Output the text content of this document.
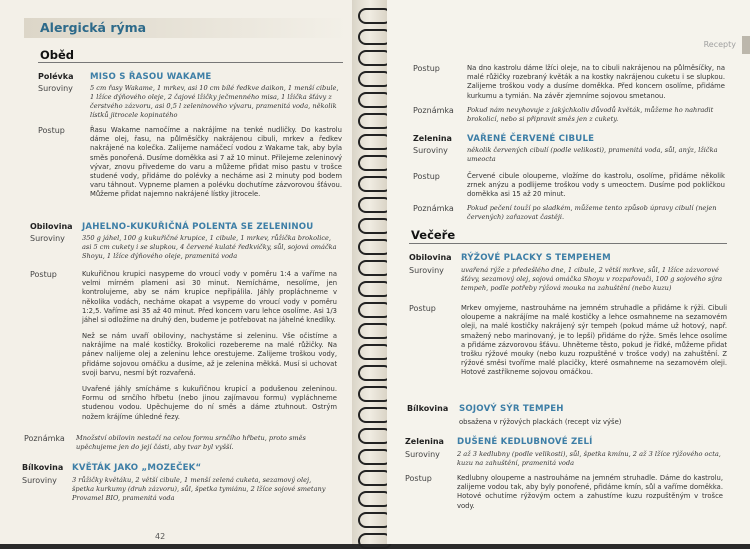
Alergická rýma
Oběd
Polévka MISO S ŘASOU WAKAME
Suroviny	5 cm řasy Wakame, 1 mrkev, asi 10 cm bílé ředkve daikon, 1 menší cibule, 1 lžíce dýňového oleje, 2 čajové lžičky ječmenného misa, 1 lžička šťávy z čerstvého zázvoru, asi 0,5 l zeleninového vývaru, pramenitá voda, několik lístků jitrocele kopinatého
Postup	Řasu Wakame namočíme a nakrájíme na tenké nudličky. Do kastrolu dáme olej, řasu, na půlměsíčky nakrájenou cibuli, mrkev a ředkev nakrájené na kolečka. Zalijeme namáčecí vodou z Wakame tak, aby byla směs ponořená. Dusíme doměkka asi 7 až 10 minut. Přilejeme zeleninový vývar, znovu přivedeme do varu a můžeme přidat miso pastu v trošce studené vody, přidáme do polévky a necháme asi 2 minuty pod bodem varu táhnout. Vypneme plamen a polévku dochutíme zázvorovou šťávou. Můžeme přidat najemno nakrájené lístky jitrocele.
Obilovina JAHELNO-KUKUŘIČNÁ POLENTA SE ZELENINOU
Suroviny	350 g jáhel, 100 g kukuřičné krupice, 1 cibule, 1 mrkev, růžička brokolice, asi 5 cm cukety i se slupkou, 4 červené kulaté ředkvičky, sůl, sojová omáčka Shoyu, 1 lžíce dýňového oleje, pramenitá voda
Postup	Kukuřičnou krupici nasypeme do vroucí vody v poměru 1:4 a vaříme na velmi mírném plameni asi 30 minut. Nemícháme, nesolíme, jen kontrolujeme, aby se nám krupice nepřipálila. Jáhly propláchneme v několika vodách, necháme okapat a vsypeme do vroucí vody v poměru 1:2,5. Vaříme asi 35 až 40 minut. Před koncem varu lehce osolíme. Asi 1/3 jáhel si odložíme na druhý den, budeme je potřebovat na jáhelné knedlíky.
Než se nám uvaří obiloviny, nachystáme si zeleninu. Vše očistíme a nakrájíme na malé kostičky. Brokolici rozebereme na malé růžičky. Na pánev nalijeme olej a zeleninu lehce orestujeme. Zalijeme troškou vody, přidáme sojovou omáčku a dusíme, až je zelenina měkká. Musí si uchovat svoji barvu, nesmí být rozvařená.
Uvařené jáhly smícháme s kukuřičnou krupicí a podušenou zeleninou. Formu od srnčího hřbetu (nebo jinou zajímavou formu) vypláchneme studenou vodou. Upěchujeme do ní směs a dáme ztuhnout. Ostrým nožem krájíme úhledné řezy.
Poznámka Množství obilovin nestačí na celou formu srnčího hřbetu, proto směs upěchujeme jen do její části, aby tvar byl vyšší.
Bílkovina KVĚTÁK JAKO „MOZEČEK“
Suroviny 3 růžičky květáku, 2 větší cibule, 1 menší zelená cuketa, sezamový olej, špetka kurkumy (druh zázvoru), sůl, špetka tymiánu, 2 lžíce sojové smetany Provamel BIO, pramenitá voda
42
Recepty
Postup	Na dno kastrolu dáme lžíci oleje, na to cibuli nakrájenou na půlměsíčky, na malé růžičky rozebraný květák a na kostky nakrájenou cuketu i se slupkou. Zalijeme troškou vody a dusíme doměkka. Před koncem osolíme, přidáme kurkumu a tymián. Na závěr zjemníme sojovou smetanou.
Poznámka Pokud nám nevyhovuje z jakýchkoliv důvodů květák, můžeme ho nahradit brokolicí, nebo si připravit směs jen z cukety.
Zelenina VAŘENÉ ČERVENÉ CIBULE
Suroviny	několik červených cibulí (podle velikosti), pramenitá voda, sůl, anýz, lžička umeocta
Postup	Červené cibule oloupeme, vložíme do kastrolu, osolíme, přidáme několik zrnek anýzu a podlijeme troškou vody s umeoctem. Dusíme pod pokličkou doměkka asi 15 až 20 minut.
Poznámka Pokud pečení touží po sladkém, můžeme tento způsob úpravy cibulí (nejen červených) zařazovat častěji.
Večeře
Obilovina RÝŽOVÉ PLACKY S TEMPEHEM
Suroviny	uvařená rýže z předešlého dne, 1 cibule, 2 větší mrkve, sůl, 1 lžíce zázvorové šťávy, sezamový olej, sojová omáčka Shoyu v rozpařovači, 100 g sojového sýra tempeh, podle potřeby rýžová mouka na zahuštění (nebo kuzu)
Postup	Mrkev omyjeme, nastrouháme na jemném struhadle a přidáme k rýži. Cibuli oloupeme a nakrájíme na malé kostičky a lehce osmahneme na sezamovém oleji, na malé kostičky nakrájený sýr tempeh (pokud máme už hotový, např. smažený nebo marinovaný, je to lepší) přidáme do rýže. Směs lehce osolíme a přidáme zázvorovou šťávu. Uhněteme těsto, pokud je řídké, můžeme přidat trošku rýžové mouky (nebo kuzu rozpuštěné v trošce vody) na zahuštění. Z rýžové směsi tvoříme malé placičky, které osmahneme na sezamovém oleji. Hotové zastříkneme sojovou omáčkou.
Bílkovina SOJOVÝ SÝR TEMPEH
obsažena v rýžových plackách (recept viz výše)
Zelenina DUŠENÉ KEDLUBNOVÉ ZELÍ
Suroviny	2 až 3 kedlubny (podle velikosti), sůl, špetka kmínu, 2 až 3 lžíce rýžového octa, kuzu na zahuštění, pramenitá voda
Postup	Kedlubny oloupeme a nastrouháme na jemném struhadle. Dáme do kastrolu, zalijeme vodou tak, aby byly ponořené, přidáme kmín, sůl a vaříme doměkka. Hotové ochutíme rýžovým octem a zahustíme kuzu rozpuštěným v trošce vody.
